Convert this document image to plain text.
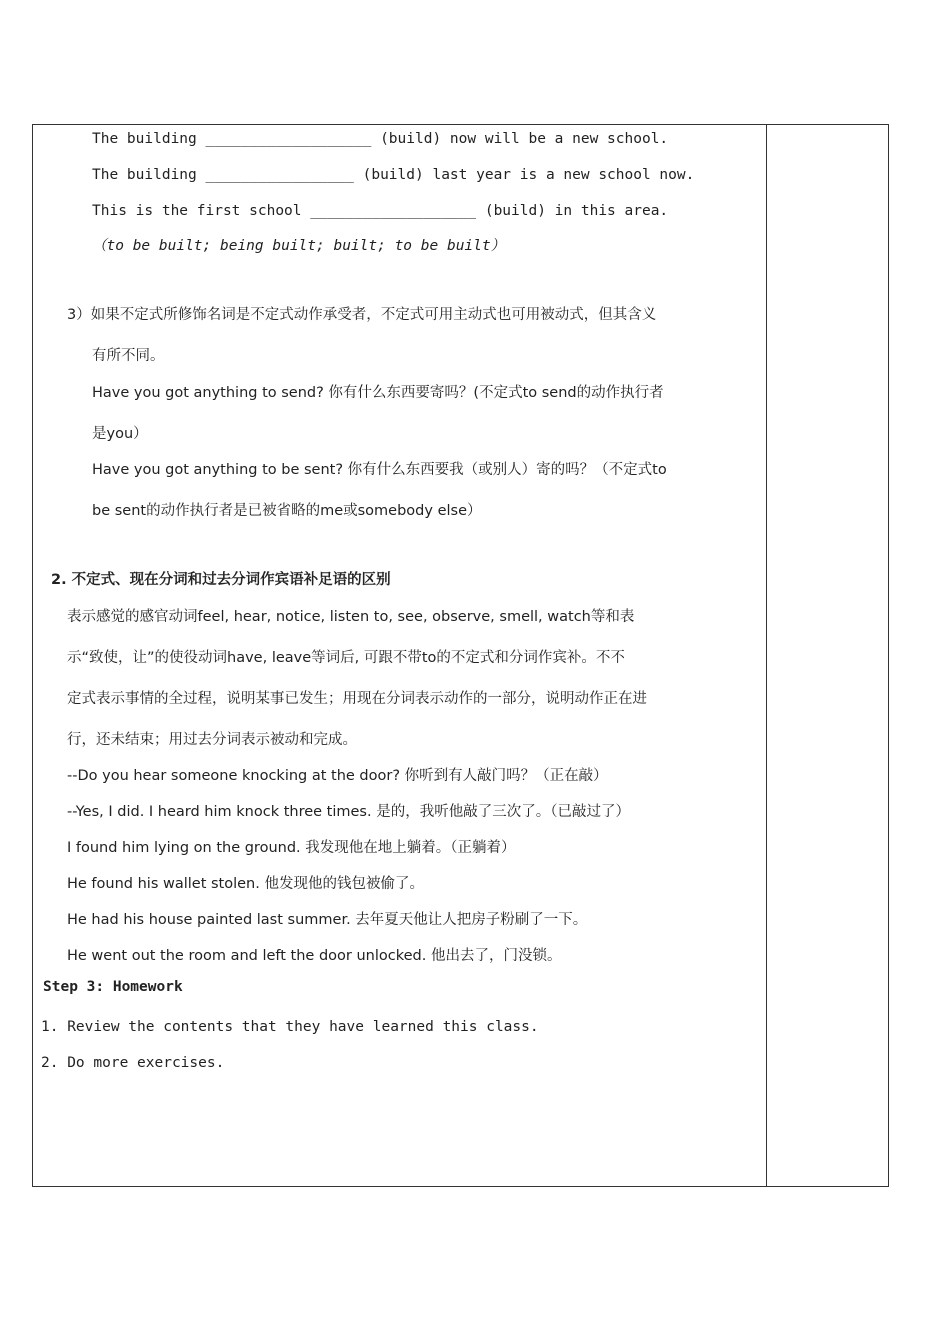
The building ___________________ (build) now will be a new school.
The building _________________ (build) last year is a new school now.
This is the first school ___________________ (build) in this area.
（to be built; being built; built; to be built）
3）如果不定式所修饰名词是不定式动作承受者，不定式可用主动式也可用被动式，但其含义
有所不同。
Have you got anything to send? 你有什么东西要寄吗？(不定式to send的动作执行者
是you）
Have you got anything to be sent? 你有什么东西要我（或别人）寄的吗？（不定式to
be sent的动作执行者是已被省略的me或somebody else）
2. 不定式、现在分词和过去分词作宾语补足语的区别
表示感觉的感官动词feel, hear, notice, listen to, see, observe, smell, watch等和表
示“致使，让”的使役动词have, leave等词后, 可跟不带to的不定式和分词作宾补。不不
定式表示事情的全过程，说明某事已发生；用现在分词表示动作的一部分，说明动作正在进
行，还未结束；用过去分词表示被动和完成。
--Do you hear someone knocking at the door? 你听到有人敲门吗？（正在敲）
--Yes, I did. I heard him knock three times. 是的，我听他敲了三次了。（已敲过了）
I found him lying on the ground. 我发现他在地上躺着。（正躺着）
He found his wallet stolen. 他发现他的钱包被偷了。
He had his house painted last summer. 去年夏天他让人把房子粉刷了一下。
He went out the room and left the door unlocked. 他出去了，门没锁。
Step 3: Homework
1. Review the contents that they have learned this class.
2. Do more exercises.
